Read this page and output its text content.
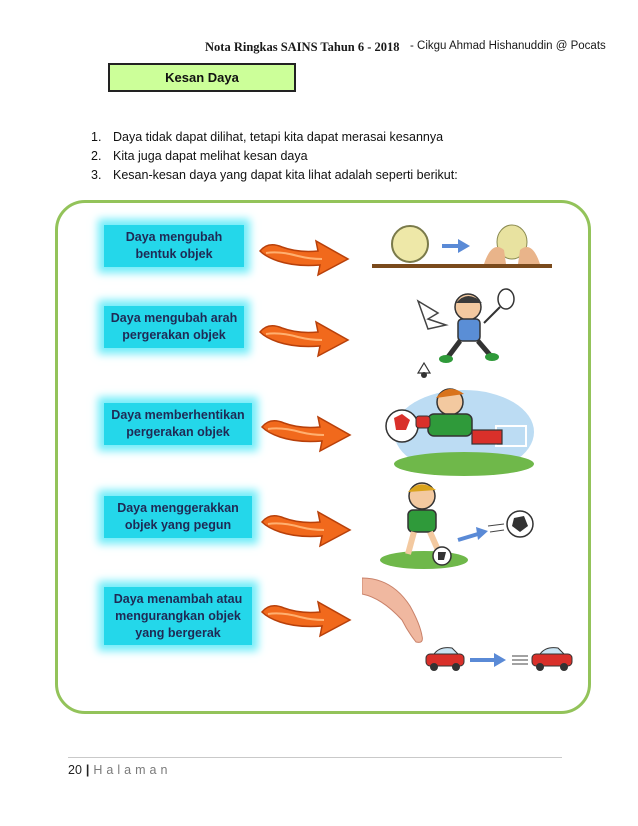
Nota Ringkas SAINS Tahun 6 - 2018 - Cikgu Ahmad Hishanuddin @ Pocats
Kesan Daya
1. Daya tidak dapat dilihat, tetapi kita dapat merasai kesannya
2. Kita juga dapat melihat kesan daya
3. Kesan-kesan daya yang dapat kita lihat adalah seperti berikut:
Daya mengubah
bentuk objek
Daya mengubah arah
pergerakan objek
Daya memberhentikan
pergerakan objek
Daya menggerakkan
objek yang pegun
Daya menambah atau
mengurangkan objek
yang bergerak
20 | Halaman
